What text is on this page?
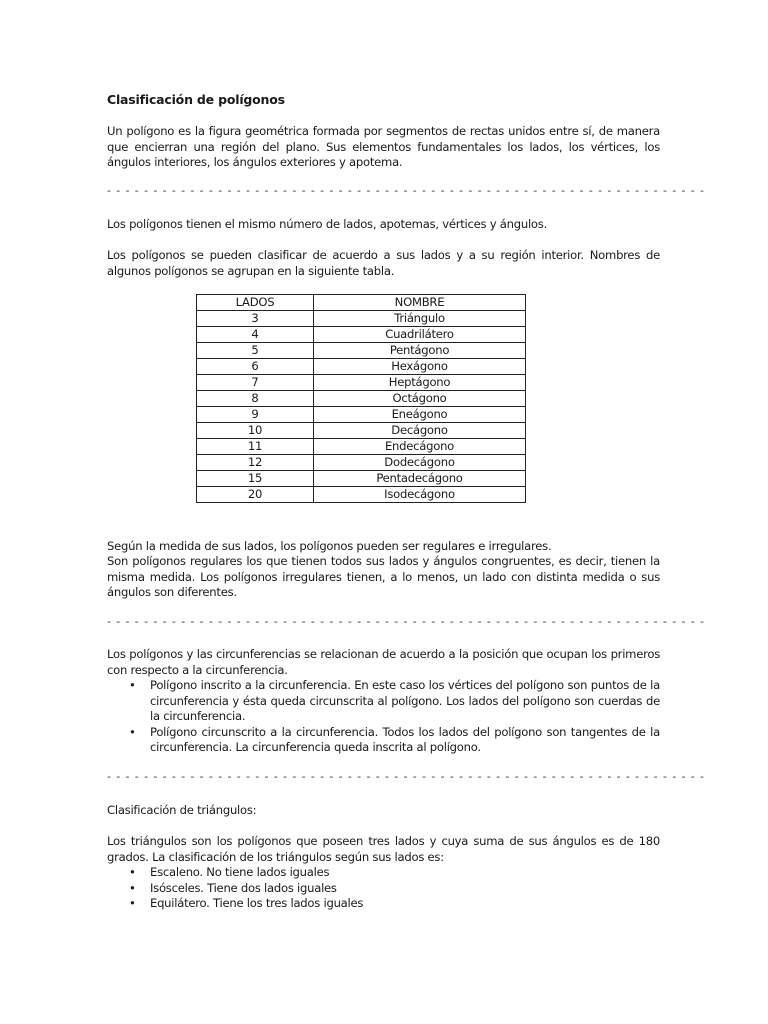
Clasificación de polígonos

Un polígono es la figura geométrica formada por segmentos de rectas unidos entre sí, de manera que encierran una región del plano. Sus elementos fundamentales los lados, los vértices, los ángulos interiores, los ángulos exteriores y apotema.

- - - - - - - - - - - - - - - - - - - - - - - - - - - - - - - - - - - - - - - - - - - - - - - - - - - - - - - - - - - - - - - - -

Los polígonos tienen el mismo número de lados, apotemas, vértices y ángulos.

Los polígonos se pueden clasificar de acuerdo a sus lados y a su región interior. Nombres de algunos polígonos se agrupan en la siguiente tabla.

LADOS	NOMBRE
3	Triángulo
4	Cuadrilátero
5	Pentágono
6	Hexágono
7	Heptágono
8	Octágono
9	Eneágono
10	Decágono
11	Endecágono
12	Dodecágono
15	Pentadecágono
20	Isodecágono

Según la medida de sus lados, los polígonos pueden ser regulares e irregulares.

Son polígonos regulares los que tienen todos sus lados y ángulos congruentes, es decir, tienen la misma medida. Los polígonos irregulares tienen, a lo menos, un lado con distinta medida o sus ángulos son diferentes.

- - - - - - - - - - - - - - - - - - - - - - - - - - - - - - - - - - - - - - - - - - - - - - - - - - - - - - - - - - - - - - - - -

Los polígonos y las circunferencias se relacionan de acuerdo a la posición que ocupan los primeros con respecto a la circunferencia.

• Polígono inscrito a la circunferencia. En este caso los vértices del polígono son puntos de la circunferencia y ésta queda circunscrita al polígono. Los lados del polígono son cuerdas de la circunferencia.
• Polígono circunscrito a la circunferencia. Todos los lados del polígono son tangentes de la circunferencia. La circunferencia queda inscrita al polígono.
- - - - - - - - - - - - - - - - - - - - - - - - - - - - - - - - - - - - - - - - - - - - - - - - - - - - - - - - - - - - - - - - -

Clasificación de triángulos:

Los triángulos son los polígonos que poseen tres lados y cuya suma de sus ángulos es de 180 grados. La clasificación de los triángulos según sus lados es:

• Escaleno. No tiene lados iguales
• Isósceles. Tiene dos lados iguales
• Equilátero. Tiene los tres lados iguales
